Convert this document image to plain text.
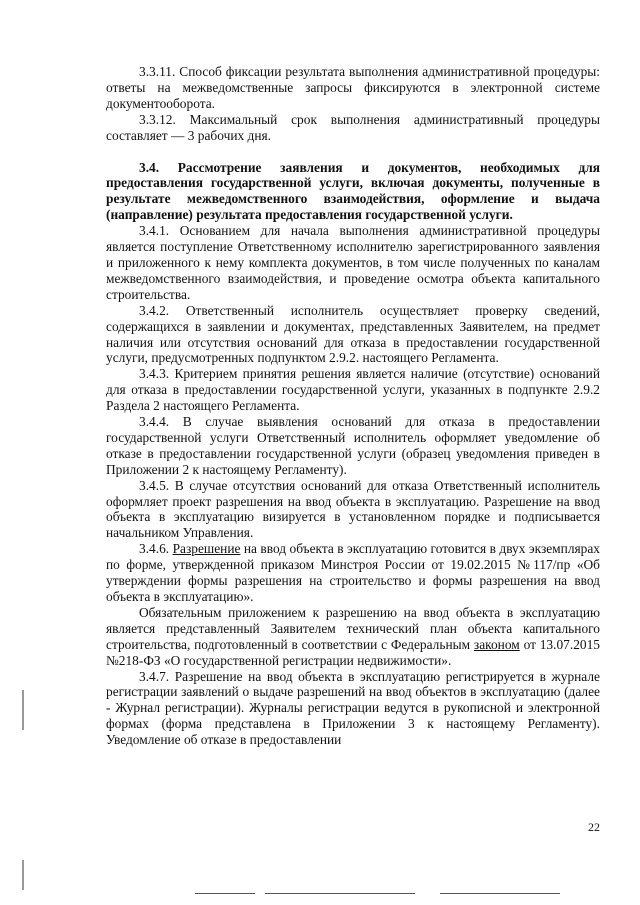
3.3.11. Способ фиксации результата выполнения административной процедуры: ответы на межведомственные запросы фиксируются в электронной системе документооборота.

3.3.12. Максимальный срок выполнения административный процедуры составляет — 3 рабочих дня.

3.4. Рассмотрение заявления и документов, необходимых для предоставления государственной услуги, включая документы, полученные в результате межведомственного взаимодействия, оформление и выдача (направление) результата предоставления государственной услуги.

3.4.1. Основанием для начала выполнения административной процедуры является поступление Ответственному исполнителю зарегистрированного заявления и приложенного к нему комплекта документов, в том числе полученных по каналам межведомственного взаимодействия, и проведение осмотра объекта капитального строительства.

3.4.2. Ответственный исполнитель осуществляет проверку сведений, содержащихся в заявлении и документах, представленных Заявителем, на предмет наличия или отсутствия оснований для отказа в предоставлении государственной услуги, предусмотренных подпунктом 2.9.2. настоящего Регламента.

3.4.3. Критерием принятия решения является наличие (отсутствие) оснований для отказа в предоставлении государственной услуги, указанных в подпункте 2.9.2 Раздела 2 настоящего Регламента.

3.4.4. В случае выявления оснований для отказа в предоставлении государственной услуги Ответственный исполнитель оформляет уведомление об отказе в предоставлении государственной услуги (образец уведомления приведен в Приложении 2 к настоящему Регламенту).

3.4.5. В случае отсутствия оснований для отказа Ответственный исполнитель оформляет проект разрешения на ввод объекта в эксплуатацию. Разрешение на ввод объекта в эксплуатацию визируется в установленном порядке и подписывается начальником Управления.

3.4.6. Разрешение на ввод объекта в эксплуатацию готовится в двух экземплярах по форме, утвержденной приказом Минстроя России от 19.02.2015 №117/пр «Об утверждении формы разрешения на строительство и формы разрешения на ввод объекта в эксплуатацию».

Обязательным приложением к разрешению на ввод объекта в эксплуатацию является представленный Заявителем технический план объекта капитального строительства, подготовленный в соответствии с Федеральным законом от 13.07.2015 №218-ФЗ «О государственной регистрации недвижимости».

3.4.7. Разрешение на ввод объекта в эксплуатацию регистрируется в журнале регистрации заявлений о выдаче разрешений на ввод объектов в эксплуатацию (далее - Журнал регистрации). Журналы регистрации ведутся в рукописной и электронной формах (форма представлена в Приложении 3 к настоящему Регламенту). Уведомление об отказе в предоставлении

22
